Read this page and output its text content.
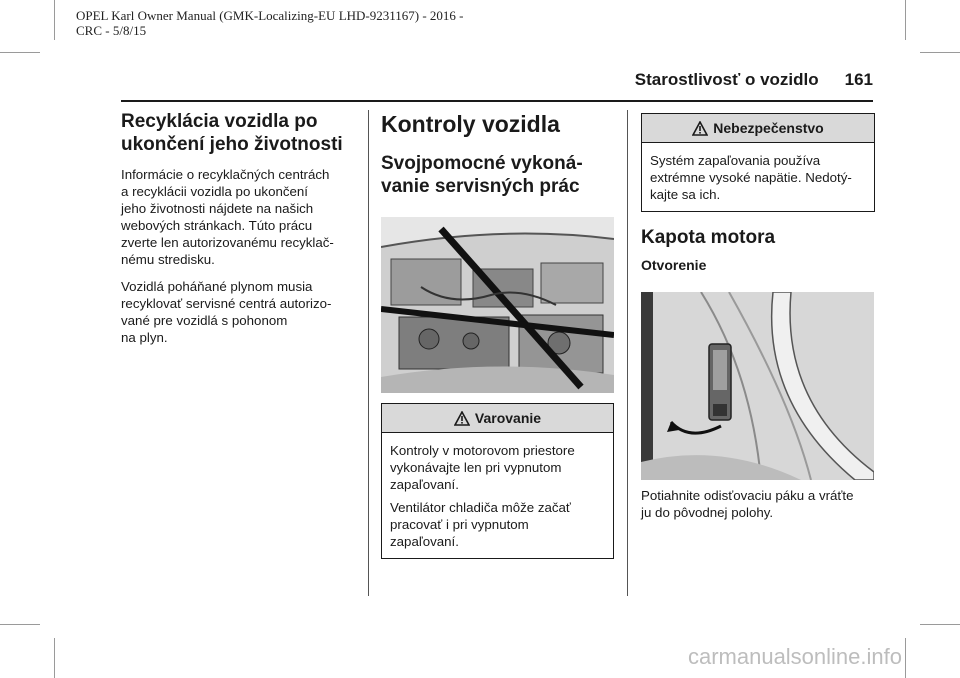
OPEL Karl Owner Manual (GMK-Localizing-EU LHD-9231167) - 2016 -
CRC - 5/8/15
Starostlivosť o vozidlo 161
Recyklácia vozidla po
ukončení jeho životnosti
Informácie o recyklačných centrách
a recyklácii vozidla po ukončení
jeho životnosti nájdete na našich
webových stránkach. Túto prácu
zverte len autorizovanému recyklač‐
nému stredisku.
Vozidlá poháňané plynom musia
recyklovať servisné centrá autorizo‐
vané pre vozidlá s pohonom
na plyn.
Kontroly vozidla
Svojpomocné vykoná‐
vanie servisných prác
Varovanie
Kontroly v motorovom priestore
vykonávajte len pri vypnutom
zapaľovaní.
Ventilátor chladiča môže začať
pracovať i pri vypnutom
zapaľovaní.
Nebezpečenstvo
Systém zapaľovania používa
extrémne vysoké napätie. Nedotý‐
kajte sa ich.
Kapota motora
Otvorenie
Potiahnite odisťovaciu páku a vráťte
ju do pôvodnej polohy.
carmanualsonline.info
